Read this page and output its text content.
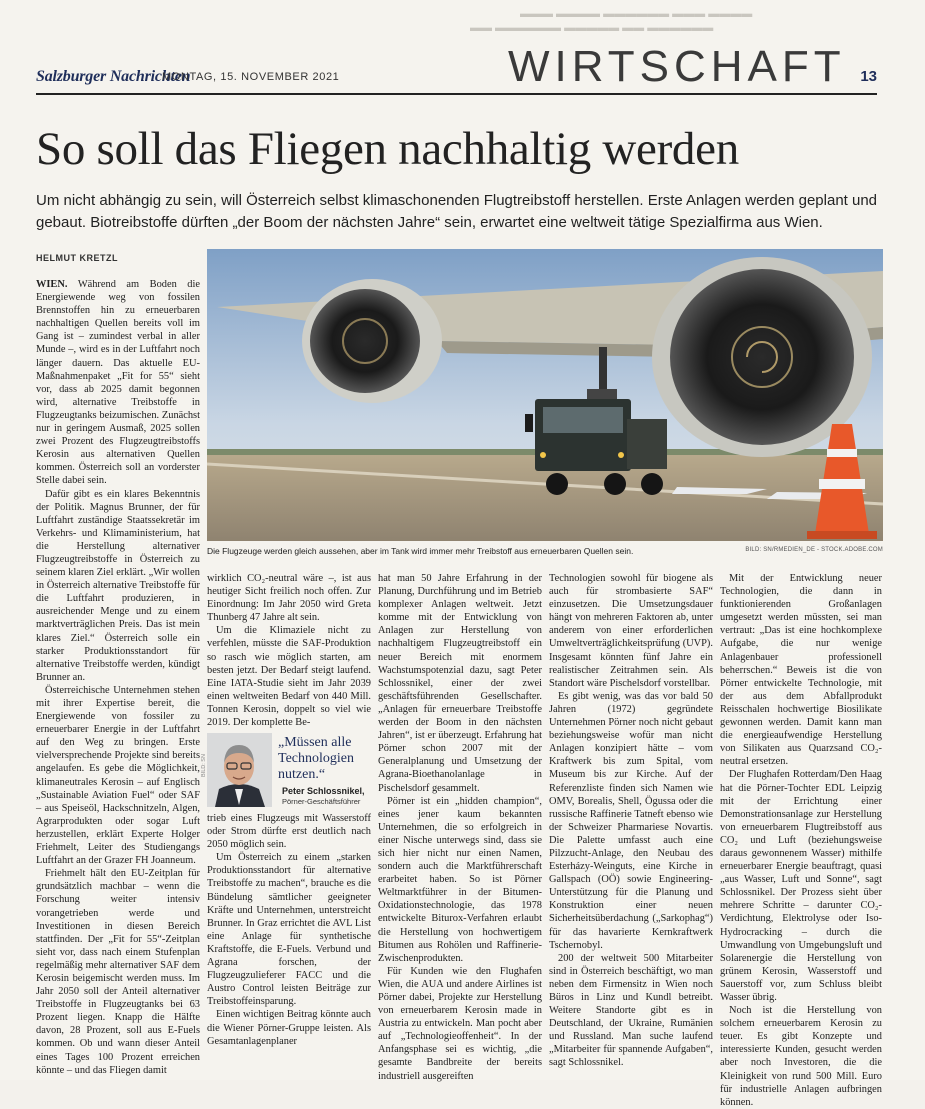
▬▬▬ ▬▬▬▬ ▬▬▬▬▬▬ ▬▬▬ ▬▬▬▬
▬▬ ▬▬▬▬▬▬ ▬▬▬▬▬ ▬▬ ▬▬▬▬▬▬
Salzburger Nachrichten
MONTAG, 15. NOVEMBER 2021	WIRTSCHAFT 13
So soll das Fliegen nachhaltig werden

Um nicht abhängig zu sein, will Österreich selbst klimaschonenden Flugtreibstoff herstellen. Erste Anlagen werden geplant und gebaut. Biotreibstoffe dürften „der Boom der nächsten Jahre“ sein, erwartet eine weltweit tätige Spezialfirma aus Wien.

HELMUT KRETZL

WIEN. Während am Boden die Energiewende weg von fossilen Brennstoffen hin zu erneuerbaren nachhaltigen Quellen bereits voll im Gang ist – zumindest verbal in aller Munde –, wird es in der Luftfahrt noch länger dauern. Das aktuelle EU-Maßnahmenpaket „Fit for 55“ sieht vor, dass ab 2025 damit begonnen wird, alternative Treibstoffe in Flugzeugtanks beizumischen. Zunächst nur in geringem Ausmaß, 2025 sollen zwei Prozent des Flugzeugtreibstoffs Kerosin aus alternativen Quellen kommen. Österreich soll an vorderster Stelle dabei sein.

Dafür gibt es ein klares Bekenntnis der Politik. Magnus Brunner, der für Luftfahrt zuständige Staatssekretär im Verkehrs- und Klimaministerium, hat die Herstellung alternativer Flugzeugtreibstoffe in Österreich zu seinem klaren Ziel erklärt. „Wir wollen in Österreich alternative Treibstoffe für die Luftfahrt produzieren, in ausreichender Menge und zu einem marktverträglichen Preis. Das ist mein klares Ziel.“ Österreich solle ein starker Produktionsstandort für alternative Treibstoffe werden, kündigt Brunner an.

Österreichische Unternehmen stehen mit ihrer Expertise bereit, die Energiewende von fossiler zu erneuerbarer Energie in der Luftfahrt auf den Weg zu bringen. Erste vielversprechende Projekte sind bereits angelaufen. Es gebe die Möglichkeit, klimaneutrales Kerosin – auf Englisch „Sustainable Aviation Fuel“ oder SAF – aus Speiseöl, Hackschnitzeln, Algen, Agrarprodukten oder sogar Luft herzustellen, erklärt Experte Holger Friehmelt, Leiter des Studiengangs Luftfahrt an der Grazer FH Joanneum.

Friehmelt hält den EU-Zeitplan für grundsätzlich machbar – wenn die Forschung weiter intensiv vorangetrieben werde und Investitionen in diesen Bereich stattfinden. Der „Fit for 55“-Zeitplan sieht vor, dass nach einem Stufenplan regelmäßig mehr alternativer SAF dem Kerosin beigemischt werden muss. Im Jahr 2050 soll der Anteil alternativer Treibstoffe in Flugzeugtanks bei 63 Prozent liegen. Knapp die Hälfte davon, 28 Prozent, soll aus E-Fuels kommen. Ob und wann dieser Anteil eines Tages 100 Prozent erreichen könnte – und das Fliegen damit

Die Flugzeuge werden gleich aussehen, aber im Tank wird immer mehr Treibstoff aus erneuerbaren Quellen sein.	BILD: SN/RMEDIEN_DE - STOCK.ADOBE.COM

wirklich CO₂-neutral wäre –, ist aus heutiger Sicht freilich noch offen. Zur Einordnung: Im Jahr 2050 wird Greta Thunberg 47 Jahre alt sein.

Um die Klimaziele nicht zu verfehlen, müsste die SAF-Produktion so rasch wie möglich starten, am besten jetzt. Der Bedarf steigt laufend. Eine IATA-Studie sieht im Jahr 2039 einen weltweiten Bedarf von 440 Mill. Tonnen Kerosin, doppelt so viel wie 2019. Der komplette Be-

BILD: SN
„Müssen alle Technologien nutzen.“
Peter Schlossnikel,
Pörner-Geschäftsführer

trieb eines Flugzeugs mit Wasserstoff oder Strom dürfte erst deutlich nach 2050 möglich sein.

Um Österreich zu einem „starken Produktionsstandort für alternative Treibstoffe zu machen“, brauche es die Bündelung sämtlicher geeigneter Kräfte und Unternehmen, unterstreicht Brunner. In Graz errichtet die AVL List eine Anlage für synthetische Kraftstoffe, die E-Fuels. Verbund und Agrana forschen, der Flugzeugzulieferer FACC und die Austro Control leisten Beiträge zur Treibstoffeinsparung.

Einen wichtigen Beitrag könnte auch die Wiener Pörner-Gruppe leisten. Als Gesamtanlagenplaner

hat man 50 Jahre Erfahrung in der Planung, Durchführung und im Betrieb komplexer Anlagen weltweit. Jetzt komme mit der Entwicklung von Anlagen zur Herstellung von nachhaltigem Flugzeugtreibstoff ein neuer Bereich mit enormem Wachstumspotenzial dazu, sagt Peter Schlossnikel, einer der zwei geschäftsführenden Gesellschafter. „Anlagen für erneuerbare Treibstoffe werden der Boom in den nächsten Jahren“, ist er überzeugt. Erfahrung hat Pörner schon 2007 mit der Generalplanung und Umsetzung der Agrana-Bioethanolanlage in Pischelsdorf gesammelt.

Pörner ist ein „hidden champion“, eines jener kaum bekannten Unternehmen, die so erfolgreich in einer Nische unterwegs sind, dass sie sich hier nicht nur einen Namen, sondern auch die Marktführerschaft erarbeitet haben. So ist Pörner Weltmarktführer in der Bitumen-Oxidationstechnologie, das 1978 entwickelte Biturox-Verfahren erlaubt die Herstellung von hochwertigem Bitumen aus Rohölen und Raffinerie-Zwischenprodukten.

Für Kunden wie den Flughafen Wien, die AUA und andere Airlines ist Pörner dabei, Projekte zur Herstellung von erneuerbarem Kerosin made in Austria zu entwickeln. Man pocht aber auf „Technologieoffenheit“. In der Anfangsphase sei es wichtig, „die gesamte Bandbreite der bereits industriell ausgereiften

Technologien sowohl für biogene als auch für strombasierte SAF“ einzusetzen. Die Umsetzungsdauer hängt von mehreren Faktoren ab, unter anderem von einer erforderlichen Umweltverträglichkeitsprüfung (UVP). Insgesamt könnten fünf Jahre ein realistischer Zeitrahmen sein. Als Standort wäre Pischelsdorf vorstellbar.

Es gibt wenig, was das vor bald 50 Jahren (1972) gegründete Unternehmen Pörner noch nicht gebaut beziehungsweise wofür man nicht Anlagen konzipiert hätte – vom Kraftwerk bis zum Spital, vom Museum bis zur Kirche. Auf der Referenzliste finden sich Namen wie OMV, Borealis, Shell, Ögussa oder die russische Raffinerie Tatneft ebenso wie der Schweizer Pharmariese Novartis. Die Palette umfasst auch eine Pilzzucht-Anlage, den Neubau des Esterházy-Weinguts, eine Kirche in Gallspach (OÖ) sowie Engineering-Unterstützung für die Planung und Konstruktion einer neuen Sicherheitsüberdachung („Sarkophag“) für das havarierte Kernkraftwerk Tschernobyl.

200 der weltweit 500 Mitarbeiter sind in Österreich beschäftigt, wo man neben dem Firmensitz in Wien noch Büros in Linz und Kundl betreibt. Weitere Standorte gibt es in Deutschland, der Ukraine, Rumänien und Russland. Man suche laufend „Mitarbeiter für spannende Aufgaben“, sagt Schlossnikel.

Mit der Entwicklung neuer Technologien, die dann in funktionierenden Großanlagen umgesetzt werden müssten, sei man vertraut: „Das ist eine hochkomplexe Aufgabe, die nur wenige Anlagenbauer professionell beherrschen.“ Beweis ist die von Pörner entwickelte Technologie, mit der aus dem Abfallprodukt Reisschalen hochwertige Biosilikate gewonnen werden. Damit kann man die energieaufwendige Herstellung von Silikaten aus Quarzsand CO₂-neutral ersetzen.

Der Flughafen Rotterdam/Den Haag hat die Pörner-Tochter EDL Leipzig mit der Errichtung einer Demonstrationsanlage zur Herstellung von erneuerbarem Flugtreibstoff aus CO₂ und Luft (beziehungsweise daraus gewonnenem Wasser) mithilfe erneuerbarer Energie beauftragt, quasi „aus Wasser, Luft und Sonne“, sagt Schlossnikel. Der Prozess sieht über mehrere Schritte – darunter CO₂-Verdichtung, Elektrolyse oder Iso-Hydrocracking – durch die Umwandlung von Umgebungsluft und Solarenergie die Herstellung von grünem Kerosin, Wasserstoff und Sauerstoff vor, zum Schluss bleibt Wasser übrig.

Noch ist die Herstellung von solchem erneuerbarem Kerosin zu teuer. Es gibt Konzepte und interessierte Kunden, gesucht werden aber noch Investoren, die die Kleinigkeit von rund 500 Mill. Euro für industrielle Anlagen aufbringen können.
